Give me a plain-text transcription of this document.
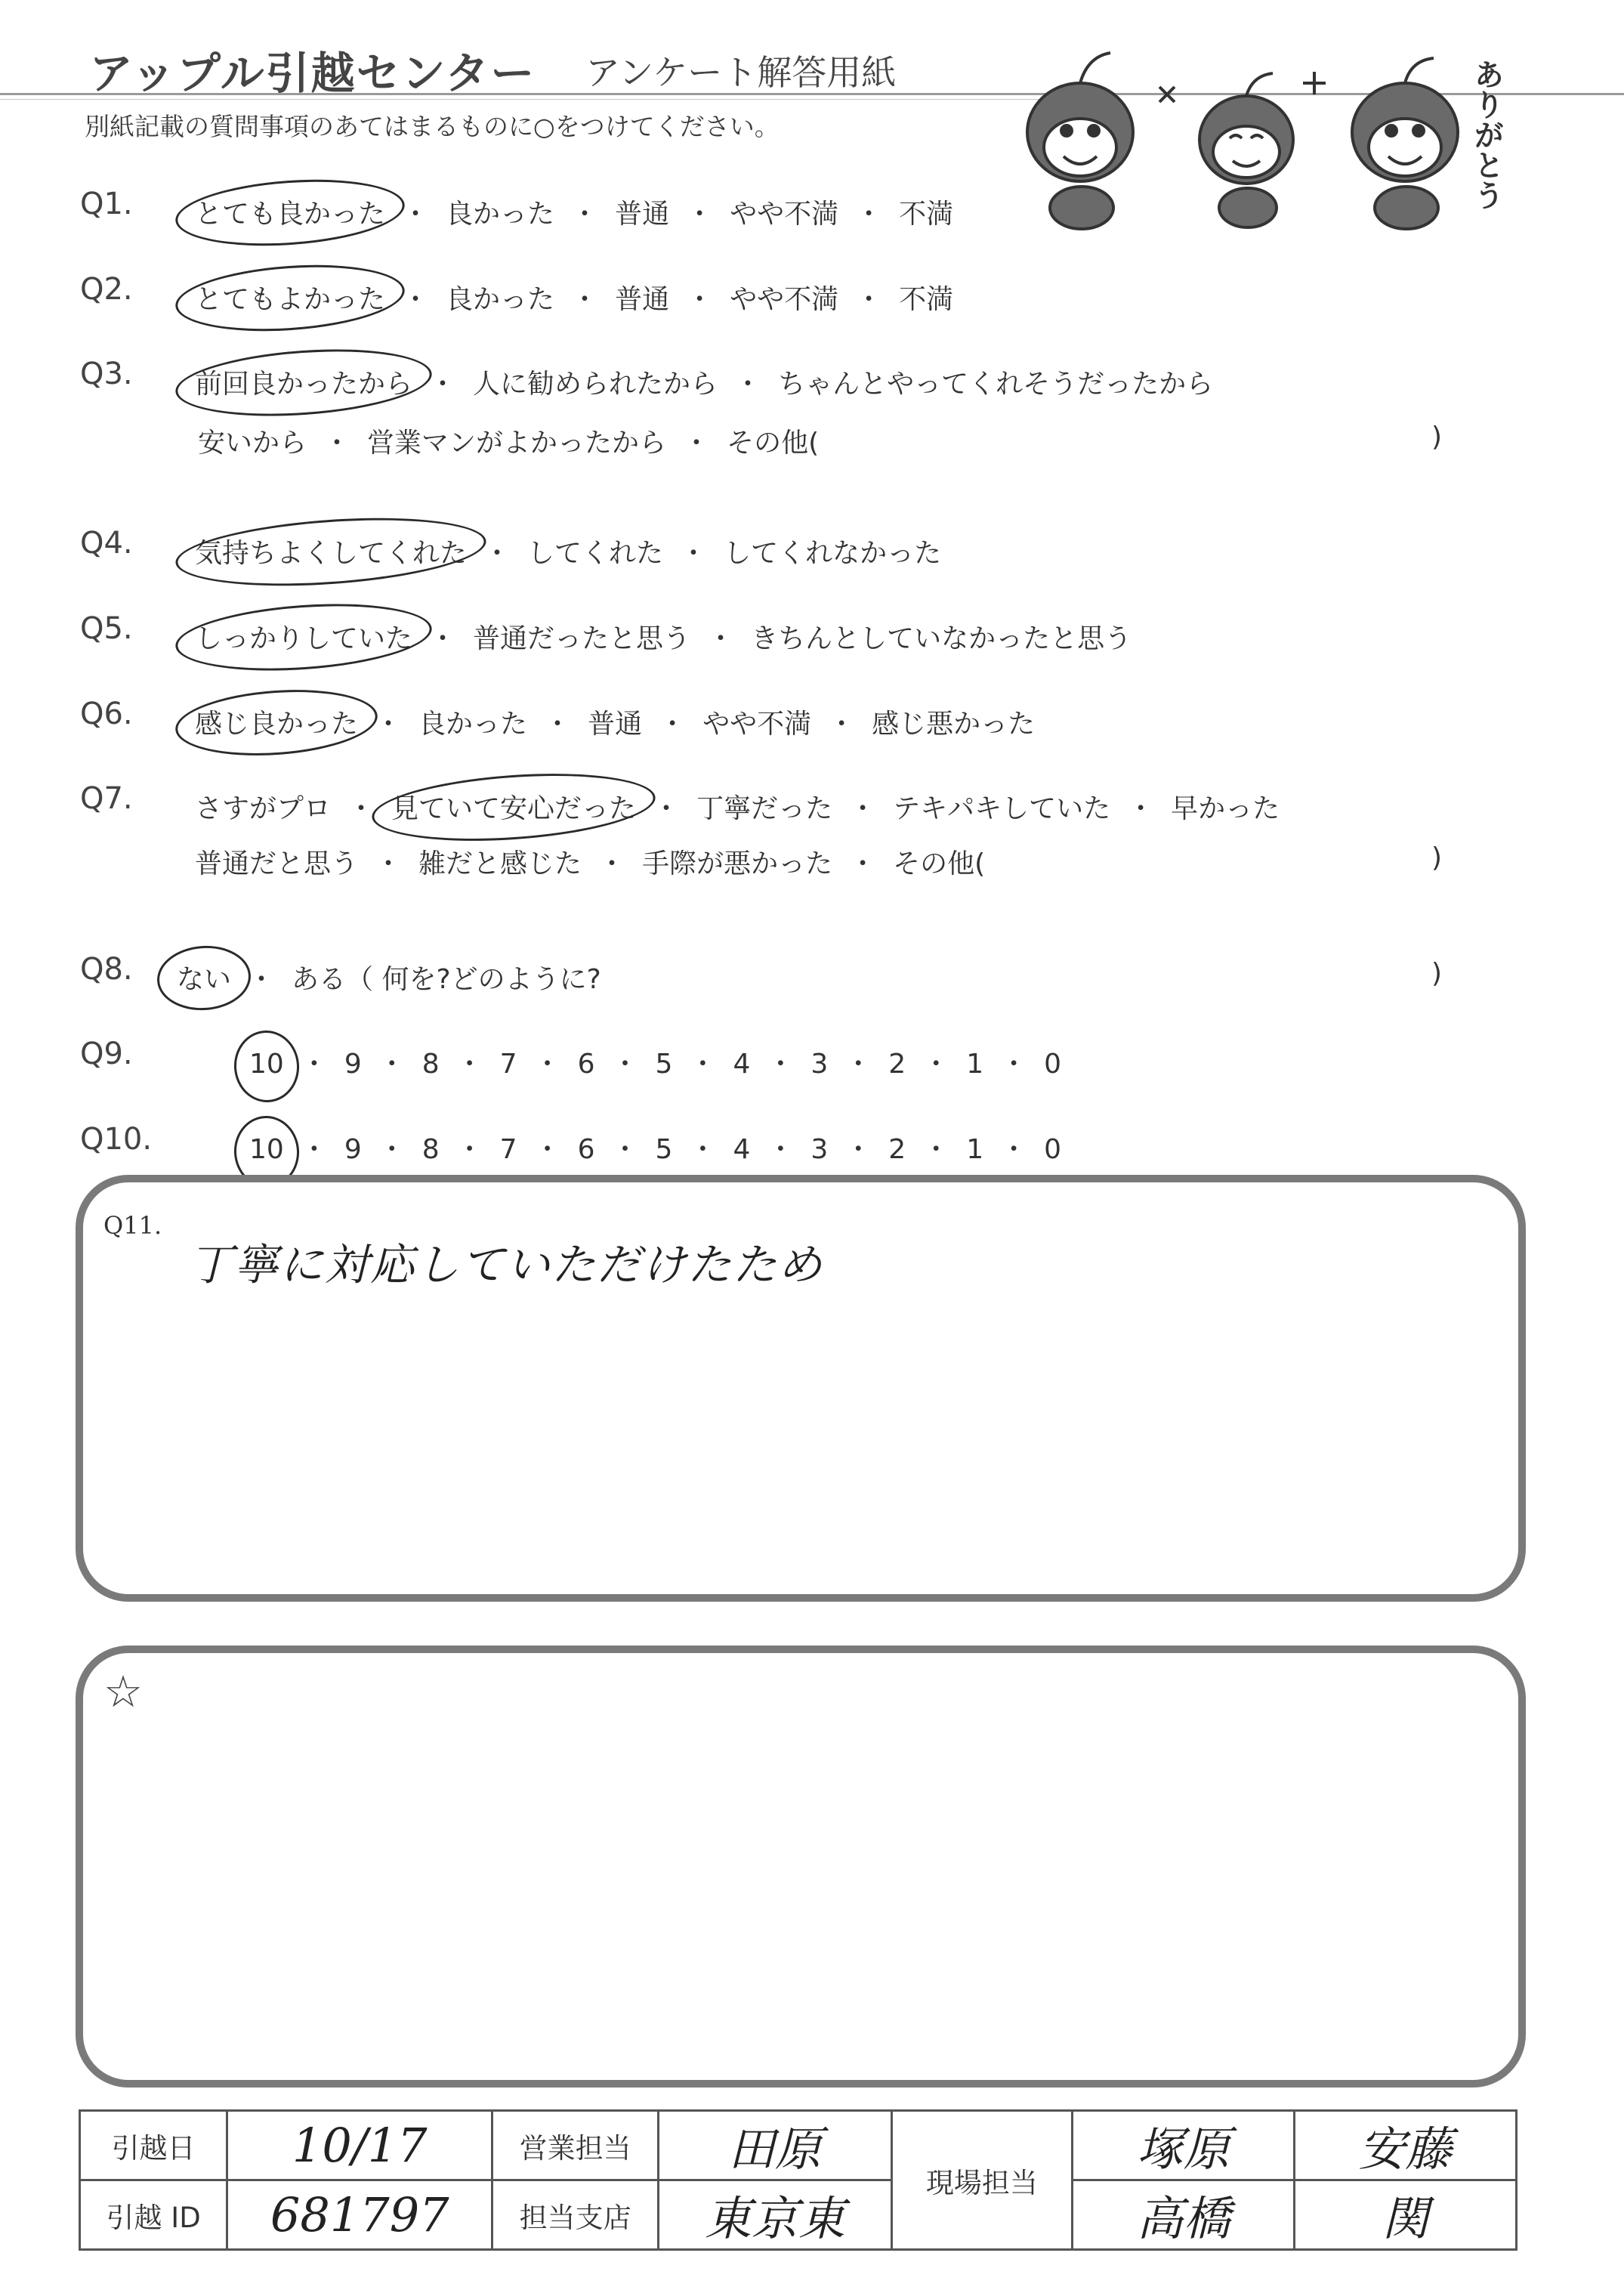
アップル引越センター アンケート解答用紙
別紙記載の質問事項のあてはまるものに○をつけてください。	ありがとう
Q1. とても良かった ・ 良かった ・ 普通 ・ やや不満 ・ 不満
Q2. とてもよかった ・ 良かった ・ 普通 ・ やや不満 ・ 不満
Q3. 前回良かったから ・ 人に勧められたから ・ ちゃんとやってくれそうだったから
安いから ・ 営業マンがよかったから ・ その他(	)
Q4. 気持ちよくしてくれた ・ してくれた ・ してくれなかった
Q5. しっかりしていた ・ 普通だったと思う ・ きちんとしていなかったと思う
Q6. 感じ良かった ・ 良かった ・ 普通 ・ やや不満 ・ 感じ悪かった
Q7. さすがプロ ・ 見ていて安心だった ・ 丁寧だった ・ テキパキしていた ・ 早かった
普通だと思う ・ 雑だと感じた ・ 手際が悪かった ・ その他(	)
Q8. ない ・ ある（ 何を?どのように?	)
Q9.	10 ・ 9 ・ 8 ・ 7 ・ 6 ・ 5 ・ 4 ・ 3 ・ 2 ・ 1 ・ 0
Q10.	10 ・ 9 ・ 8 ・ 7 ・ 6 ・ 5 ・ 4 ・ 3 ・ 2 ・ 1 ・ 0
Q11.
丁寧に対応していただけたため
☆
引越日	10/17	営業担当	田原	現場担当	塚原	安藤
引越 ID	681797	担当支店	東京東		高橋	関
